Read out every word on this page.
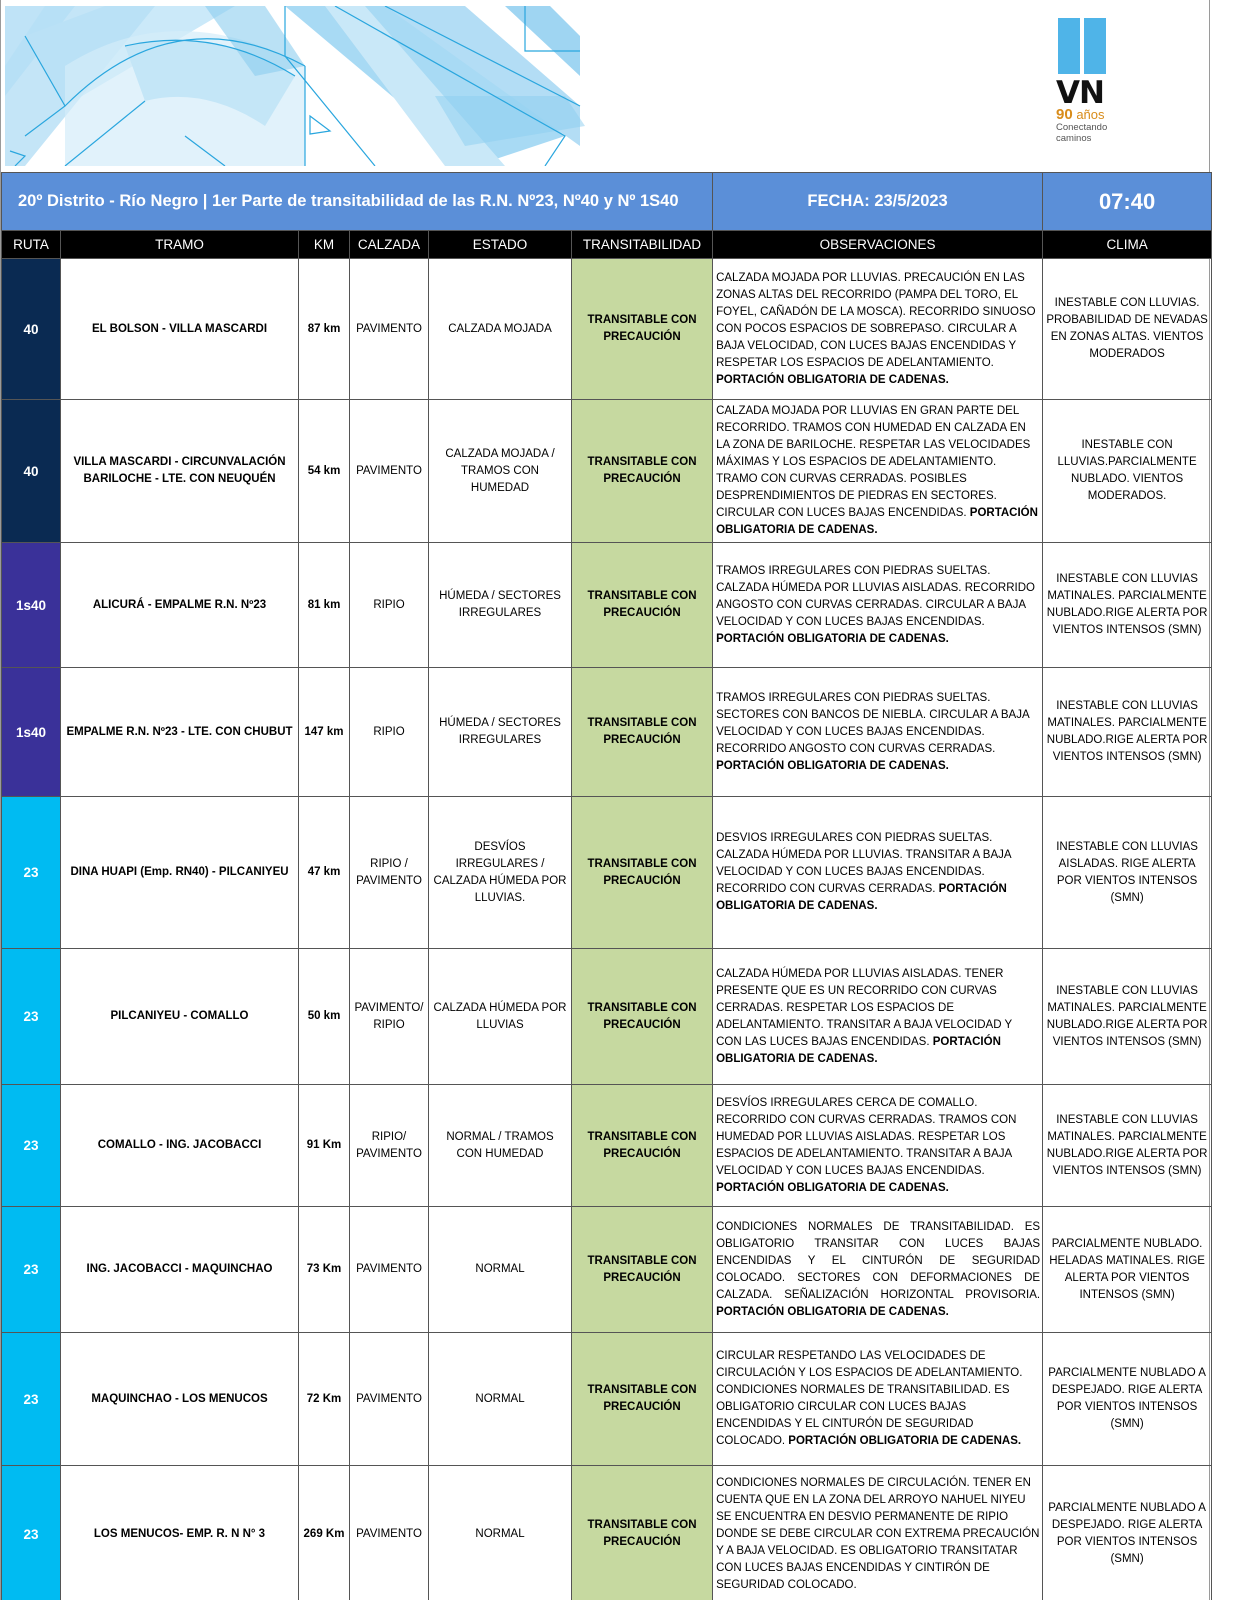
VN
90 años
Conectando
caminos
20º Distrito - Río Negro | 1er Parte de transitabilidad de las R.N. Nº23, Nº40 y Nº 1S40						FECHA: 23/5/2023	07:40
RUTA	TRAMO	KM	CALZADA	ESTADO	TRANSITABILIDAD	OBSERVACIONES	CLIMA
40	EL BOLSON - VILLA MASCARDI	87 km	PAVIMENTO	CALZADA MOJADA	TRANSITABLE CON PRECAUCIÓN	CALZADA MOJADA POR LLUVIAS. PRECAUCIÓN EN LAS ZONAS ALTAS DEL RECORRIDO (PAMPA DEL TORO, EL FOYEL, CAÑADÓN DE LA MOSCA). RECORRIDO SINUOSO CON POCOS ESPACIOS DE SOBREPASO. CIRCULAR A BAJA VELOCIDAD, CON LUCES BAJAS ENCENDIDAS Y RESPETAR LOS ESPACIOS DE ADELANTAMIENTO. PORTACIÓN OBLIGATORIA DE CADENAS.	INESTABLE CON LLUVIAS. PROBABILIDAD DE NEVADAS EN ZONAS ALTAS. VIENTOS MODERADOS
40	VILLA MASCARDI - CIRCUNVALACIÓN BARILOCHE - LTE. CON NEUQUÉN	54 km	PAVIMENTO	CALZADA MOJADA / TRAMOS CON HUMEDAD	TRANSITABLE CON PRECAUCIÓN	CALZADA MOJADA POR LLUVIAS EN GRAN PARTE DEL RECORRIDO. TRAMOS CON HUMEDAD EN CALZADA EN LA ZONA DE BARILOCHE. RESPETAR LAS VELOCIDADES MÁXIMAS Y LOS ESPACIOS DE ADELANTAMIENTO. TRAMO CON CURVAS CERRADAS. POSIBLES DESPRENDIMIENTOS DE PIEDRAS EN SECTORES. CIRCULAR CON LUCES BAJAS ENCENDIDAS. PORTACIÓN OBLIGATORIA DE CADENAS.	INESTABLE CON LLUVIAS.PARCIALMENTE NUBLADO. VIENTOS MODERADOS.
1s40	ALICURÁ - EMPALME R.N. Nº23	81 km	RIPIO	HÚMEDA / SECTORES IRREGULARES	TRANSITABLE CON PRECAUCIÓN	TRAMOS IRREGULARES CON PIEDRAS SUELTAS. CALZADA HÚMEDA POR LLUVIAS AISLADAS. RECORRIDO ANGOSTO CON CURVAS CERRADAS. CIRCULAR A BAJA VELOCIDAD Y CON LUCES BAJAS ENCENDIDAS. PORTACIÓN OBLIGATORIA DE CADENAS.	INESTABLE CON LLUVIAS MATINALES. PARCIALMENTE NUBLADO.RIGE ALERTA POR VIENTOS INTENSOS (SMN)
1s40	EMPALME R.N. Nº23 - LTE. CON CHUBUT	147 km	RIPIO	HÚMEDA / SECTORES IRREGULARES	TRANSITABLE CON PRECAUCIÓN	TRAMOS IRREGULARES CON PIEDRAS SUELTAS. SECTORES CON BANCOS DE NIEBLA. CIRCULAR A BAJA VELOCIDAD Y CON LUCES BAJAS ENCENDIDAS. RECORRIDO ANGOSTO CON CURVAS CERRADAS. PORTACIÓN OBLIGATORIA DE CADENAS.	INESTABLE CON LLUVIAS MATINALES. PARCIALMENTE NUBLADO.RIGE ALERTA POR VIENTOS INTENSOS (SMN)
23	DINA HUAPI (Emp. RN40) - PILCANIYEU	47 km	RIPIO / PAVIMENTO	DESVÍOS IRREGULARES / CALZADA HÚMEDA POR LLUVIAS.	TRANSITABLE CON PRECAUCIÓN	DESVIOS IRREGULARES CON PIEDRAS SUELTAS. CALZADA HÚMEDA POR LLUVIAS. TRANSITAR A BAJA VELOCIDAD Y CON LUCES BAJAS ENCENDIDAS. RECORRIDO CON CURVAS CERRADAS. PORTACIÓN OBLIGATORIA DE CADENAS.	INESTABLE CON LLUVIAS AISLADAS. RIGE ALERTA POR VIENTOS INTENSOS (SMN)
23	PILCANIYEU - COMALLO	50 km	PAVIMENTO/ RIPIO	CALZADA HÚMEDA POR LLUVIAS	TRANSITABLE CON PRECAUCIÓN	CALZADA HÚMEDA POR LLUVIAS AISLADAS. TENER PRESENTE QUE ES UN RECORRIDO CON CURVAS CERRADAS. RESPETAR LOS ESPACIOS DE ADELANTAMIENTO. TRANSITAR A BAJA VELOCIDAD Y CON LAS LUCES BAJAS ENCENDIDAS. PORTACIÓN OBLIGATORIA DE CADENAS.	INESTABLE CON LLUVIAS MATINALES. PARCIALMENTE NUBLADO.RIGE ALERTA POR VIENTOS INTENSOS (SMN)
23	COMALLO - ING. JACOBACCI	91 Km	RIPIO/ PAVIMENTO	NORMAL / TRAMOS CON HUMEDAD	TRANSITABLE CON PRECAUCIÓN	DESVÍOS IRREGULARES CERCA DE COMALLO. RECORRIDO CON CURVAS CERRADAS. TRAMOS CON HUMEDAD POR LLUVIAS AISLADAS. RESPETAR LOS ESPACIOS DE ADELANTAMIENTO. TRANSITAR A BAJA VELOCIDAD Y CON LUCES BAJAS ENCENDIDAS. PORTACIÓN OBLIGATORIA DE CADENAS.	INESTABLE CON LLUVIAS MATINALES. PARCIALMENTE NUBLADO.RIGE ALERTA POR VIENTOS INTENSOS (SMN)
23	ING. JACOBACCI - MAQUINCHAO	73 Km	PAVIMENTO	NORMAL	TRANSITABLE CON PRECAUCIÓN	CONDICIONES NORMALES DE TRANSITABILIDAD. ES OBLIGATORIO TRANSITAR CON LUCES BAJAS ENCENDIDAS Y EL CINTURÓN DE SEGURIDAD COLOCADO. SECTORES CON DEFORMACIONES DE CALZADA. SEÑALIZACIÓN HORIZONTAL PROVISORIA. PORTACIÓN OBLIGATORIA DE CADENAS.	PARCIALMENTE NUBLADO. HELADAS MATINALES. RIGE ALERTA POR VIENTOS INTENSOS (SMN)
23	MAQUINCHAO - LOS MENUCOS	72 Km	PAVIMENTO	NORMAL	TRANSITABLE CON PRECAUCIÓN	CIRCULAR RESPETANDO LAS VELOCIDADES DE CIRCULACIÓN Y LOS ESPACIOS DE ADELANTAMIENTO. CONDICIONES NORMALES DE TRANSITABILIDAD. ES OBLIGATORIO CIRCULAR CON LUCES BAJAS ENCENDIDAS Y EL CINTURÓN DE SEGURIDAD COLOCADO. PORTACIÓN OBLIGATORIA DE CADENAS.	PARCIALMENTE NUBLADO A DESPEJADO. RIGE ALERTA POR VIENTOS INTENSOS (SMN)
23	LOS MENUCOS- EMP. R. N N° 3	269 Km	PAVIMENTO	NORMAL	TRANSITABLE CON PRECAUCIÓN	CONDICIONES NORMALES DE CIRCULACIÓN. TENER EN CUENTA QUE EN LA ZONA DEL ARROYO NAHUEL NIYEU SE ENCUENTRA EN DESVIO PERMANENTE DE RIPIO DONDE SE DEBE CIRCULAR CON EXTREMA PRECAUCIÓN Y A BAJA VELOCIDAD. ES OBLIGATORIO TRANSITATAR CON LUCES BAJAS ENCENDIDAS Y CINTIRÓN DE SEGURIDAD COLOCADO.	PARCIALMENTE NUBLADO A DESPEJADO. RIGE ALERTA POR VIENTOS INTENSOS (SMN)
